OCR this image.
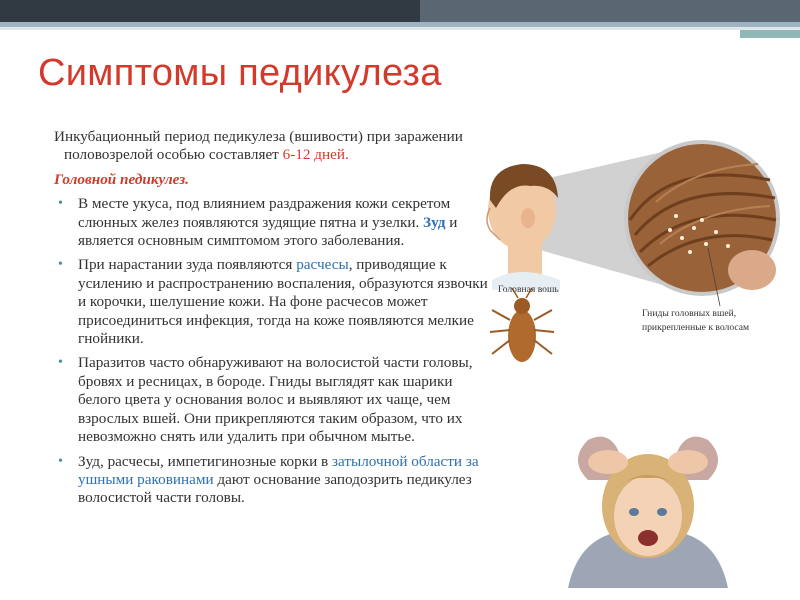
Симптомы педикулеза

Инкубационный период педикулеза (вшивости) при заражении половозрелой особью составляет 6-12 дней.

Головной педикулез.

• В месте укуса, под влиянием раздражения кожи секретом слюнных желез появляются зудящие пятна и узелки. Зуд и является основным симптомом этого заболевания.
• При нарастании зуда появляются расчесы, приводящие к усилению и распространению воспаления, образуются язвочки и корочки, шелушение кожи. На фоне расчесов может присоединиться инфекция, тогда на коже появляются мелкие гнойники.
• Паразитов часто обнаруживают на волосистой части головы, бровях и ресницах, в бороде. Гниды выглядят как шарики белого цвета у основания волос и выявляют их чаще, чем взрослых вшей. Они прикрепляются таким образом, что их невозможно снять или удалить при обычном мытье.
• Зуд, расчесы, импетигинозные корки в затылочной области за ушными раковинами дают основание заподозрить педикулез волосистой части головы.
Головная вошь
Гниды головных вшей,
прикрепленные к волосам
